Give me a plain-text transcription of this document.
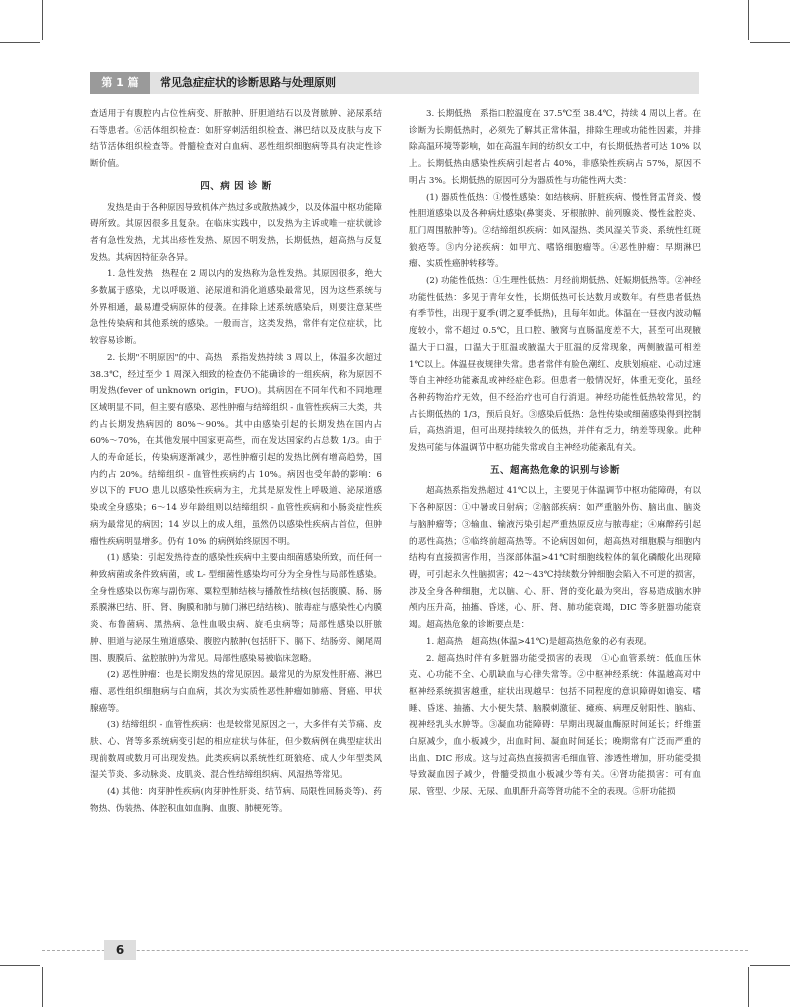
第 1 篇	常见急症症状的诊断思路与处理原则

查适用于有腹腔内占位性病变、肝脓肿、肝胆道结石以及肾脓肿、泌尿系结石等患者。⑥活体组织检查：如肝穿刺活组织检查、淋巴结以及皮肤与皮下结节活体组织检查等。骨髓检查对白血病、恶性组织细胞病等具有决定性诊断价值。

四、病 因 诊 断

发热是由于各种原因导致机体产热过多或散热减少，以及体温中枢功能障碍所致。其原因很多且复杂。在临床实践中，以发热为主诉或唯一症状就诊者有急性发热，尤其出疹性发热、原因不明发热，长期低热，超高热与反复发热。其病因特征杂各异。

1. 急性发热　热程在 2 周以内的发热称为急性发热。其原因很多，绝大多数属于感染，尤以呼吸道、泌尿道和消化道感染最常见，因为这些系统与外界相通，最易遭受病原体的侵袭。在排除上述系统感染后，则要注意某些急性传染病和其他系统的感染。一般而言，这类发热，常伴有定位症状，比较容易诊断。

2. 长期"不明原因"的中、高热　系指发热持续 3 周以上，体温多次超过 38.3℃，经过至少 1 周深入细致的检查仍不能确诊的一组疾病，称为原因不明发热(fever of unknown origin，FUO)。其病因在不同年代和不同地理区域明显不同，但主要有感染、恶性肿瘤与结缔组织 - 血管性疾病三大类，共约占长期发热病因的 80%～90%。其中由感染引起的长期发热在国内占 60%～70%，在其他发展中国家更高些，而在发达国家约占总数 1/3。由于人的寿命延长，传染病逐渐减少，恶性肿瘤引起的发热比例有增高趋势，国内约占 20%。结缔组织 - 血管性疾病约占 10%。病因也受年龄的影响：6 岁以下的 FUO 患儿以感染性疾病为主，尤其是原发性上呼吸道、泌尿道感染或全身感染；6～14 岁年龄组则以结缔组织 - 血管性疾病和小肠炎症性疾病为最常见的病因；14 岁以上的成人组，虽然仍以感染性疾病占首位，但肿瘤性疾病明显增多。仍有 10% 的病例始终原因不明。

(1) 感染：引起发热待查的感染性疾病中主要由细菌感染所致，而任何一种致病菌或条件致病菌，或 L- 型细菌性感染均可分为全身性与局部性感染。全身性感染以伤寒与副伤寒、粟粒型肺结核与播散性结核(包括腹膜、肠、肠系膜淋巴结、肝、肾、胸膜和肺与肺门淋巴结结核)、脓毒症与感染性心内膜炎、布鲁菌病、黑热病、急性血吸虫病、旋毛虫病等；局部性感染以肝脓肿、胆道与泌尿生殖道感染、腹腔内脓肿(包括肝下、膈下、结肠旁、阑尾周围、腹膜后、盆腔脓肿)为常见。局部性感染易被临床忽略。

(2) 恶性肿瘤：也是长期发热的常见原因。最常见的为原发性肝癌、淋巴瘤、恶性组织细胞病与白血病，其次为实质性恶性肿瘤如肺癌、肾癌、甲状腺癌等。

(3) 结缔组织 - 血管性疾病：也是较常见原因之一，大多伴有关节痛、皮肤、心、肾等多系统病变引起的相应症状与体征，但少数病例在典型症状出现前数周或数月可出现发热。此类疾病以系统性红斑狼疮、成人少年型类风湿关节炎、多动脉炎、皮肌炎、混合性结缔组织病、风湿热等常见。

(4) 其他：肉芽肿性疾病(肉芽肿性肝炎、结节病、局限性回肠炎等)、药物热、伪装热、体腔积血如血胸、血腹、肺梗死等。

3. 长期低热　系指口腔温度在 37.5℃至 38.4℃，持续 4 周以上者。在诊断为长期低热时，必须先了解其正常体温，排除生理或功能性因素，并排除高温环境等影响，如在高温车间的纺织女工中，有长期低热者可达 10% 以上。长期低热由感染性疾病引起者占 40%，非感染性疾病占 57%，原因不明占 3%。长期低热的原因可分为器质性与功能性两大类：

(1) 器质性低热：①慢性感染：如结核病、肝脏疾病、慢性肾盂肾炎、慢性胆道感染以及各种病灶感染(鼻窦炎、牙根脓肿、前列腺炎、慢性盆腔炎、肛门周围脓肿等)。②结缔组织疾病：如风湿热、类风湿关节炎、系统性红斑狼疮等。③内分泌疾病：如甲亢、嗜铬细胞瘤等。④恶性肿瘤：早期淋巴瘤、实质性癌肿转移等。

(2) 功能性低热：①生理性低热：月经前期低热、妊娠期低热等。②神经功能性低热：多见于青年女性，长期低热可长达数月或数年。有些患者低热有季节性，出现于夏季(谓之夏季低热)，且每年如此。体温在一昼夜内波动幅度较小，常不超过 0.5℃，且口腔、腋窝与直肠温度差不大，甚至可出现腋温大于口温，口温大于肛温或腋温大于肛温的反常现象，两侧腋温可相差 1℃以上。体温昼夜规律失常。患者常伴有脸色潮红、皮肤划痕症、心动过速等自主神经功能紊乱或神经症色彩。但患者一般情况好，体重无变化，虽经各种药物治疗无效，但不经治疗也可自行消退。神经功能性低热较常见，约占长期低热的 1/3，预后良好。③感染后低热：急性传染或细菌感染得到控制后，高热消退，但可出现持续较久的低热，并伴有乏力，纳差等现象。此种发热可能与体温调节中枢功能失常或自主神经功能紊乱有关。

五、超高热危象的识别与诊断

超高热系指发热超过 41℃以上，主要见于体温调节中枢功能障碍，有以下各种原因：①中暑或日射病；②脑部疾病：如严重脑外伤、脑出血、脑炎与脑肿瘤等；③输血、输液污染引起严重热原反应与脓毒症；④麻醉药引起的恶性高热；⑤临终前超高热等。不论病因如何，超高热对细胞膜与细胞内结构有直接损害作用，当深部体温>41℃时细胞线粒体的氧化磷酸化出现障碍，可引起永久性脑损害；42～43℃持续数分钟细胞会陷入不可逆的损害，涉及全身各种细胞，尤以脑、心、肝、肾的变化最为突出，容易造成脑水肿颅内压升高，抽搐、昏迷，心、肝、肾、肺功能衰竭，DIC 等多脏器功能衰竭。超高热危象的诊断要点是：

1. 超高热　超高热(体温>41℃)是超高热危象的必有表现。

2. 超高热时伴有多脏器功能受损害的表现　①心血管系统：低血压休克、心功能不全、心肌缺血与心律失常等。②中枢神经系统：体温越高对中枢神经系统损害越重，症状出现越早：包括不同程度的意识障碍如谵妄、嗜睡、昏迷、抽搐、大小便失禁、脑膜刺激征、瘫痪、病理反射阳性、脑疝、视神经乳头水肿等。③凝血功能障碍：早期出现凝血酶原时间延长；纤维蛋白原减少，血小板减少，出血时间、凝血时间延长；晚期常有广泛而严重的出血、DIC 形成。这与过高热直接损害毛细血管、渗透性增加，肝功能受损导致凝血因子减少，骨髓受损血小板减少等有关。④肾功能损害：可有血尿、管型、少尿、无尿、血肌酐升高等肾功能不全的表现。⑤肝功能损

6
